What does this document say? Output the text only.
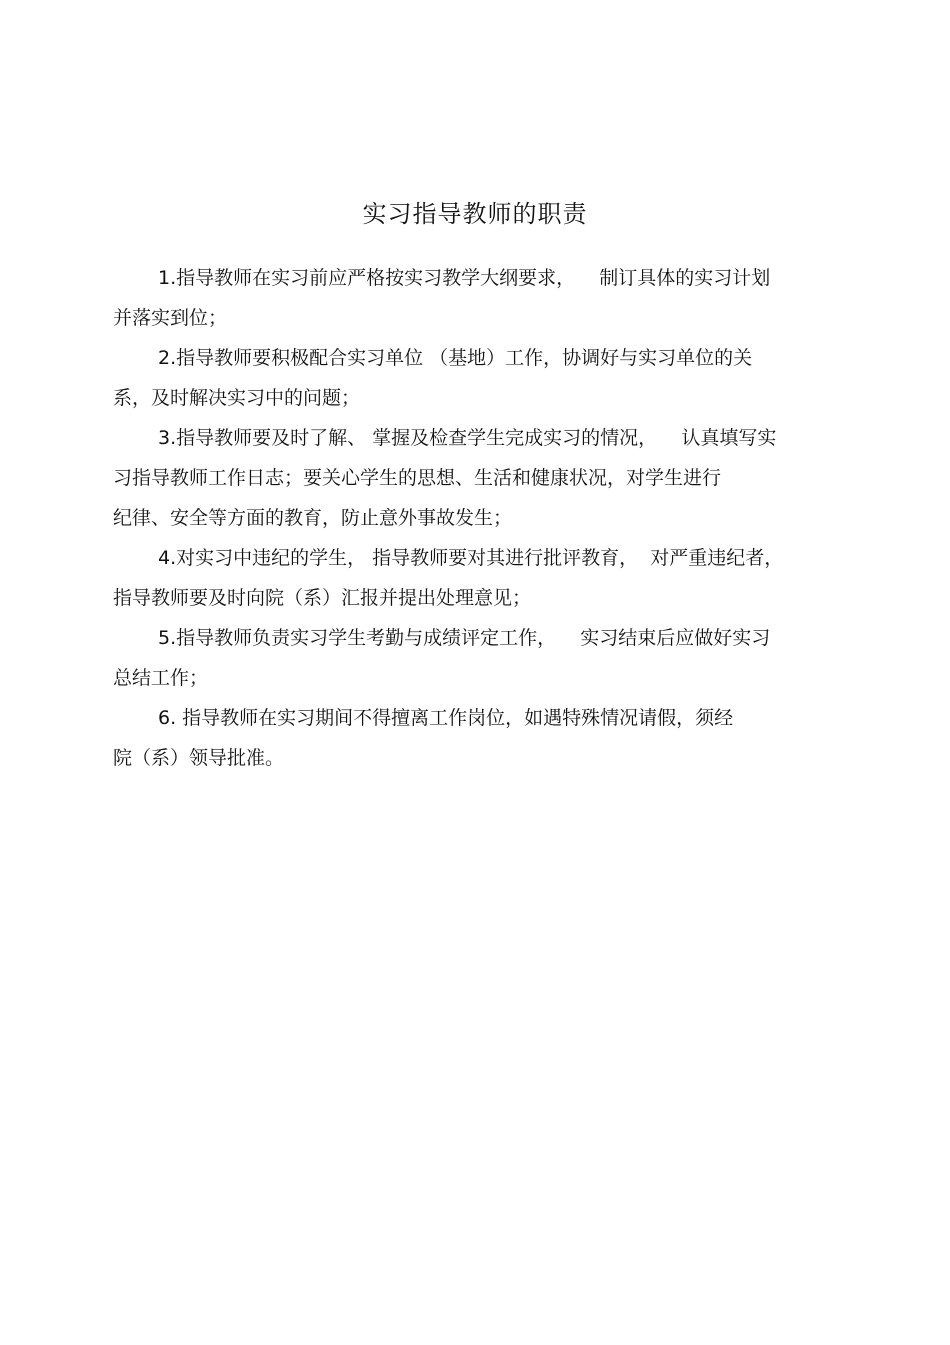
实习指导教师的职责
1.指导教师在实习前应严格按实习教学大纲要求，    制订具体的实习计划
并落实到位；
2.指导教师要积极配合实习单位 （基地）工作，协调好与实习单位的关
系，及时解决实习中的问题；
3.指导教师要及时了解、 掌握及检查学生完成实习的情况，    认真填写实
习指导教师工作日志；要关心学生的思想、生活和健康状况，对学生进行
纪律、安全等方面的教育，防止意外事故发生；
4.对实习中违纪的学生， 指导教师要对其进行批评教育，  对严重违纪者，
指导教师要及时向院（系）汇报并提出处理意见；
5.指导教师负责实习学生考勤与成绩评定工作，    实习结束后应做好实习
总结工作；
6. 指导教师在实习期间不得擅离工作岗位，如遇特殊情况请假，须经
院（系）领导批准。
